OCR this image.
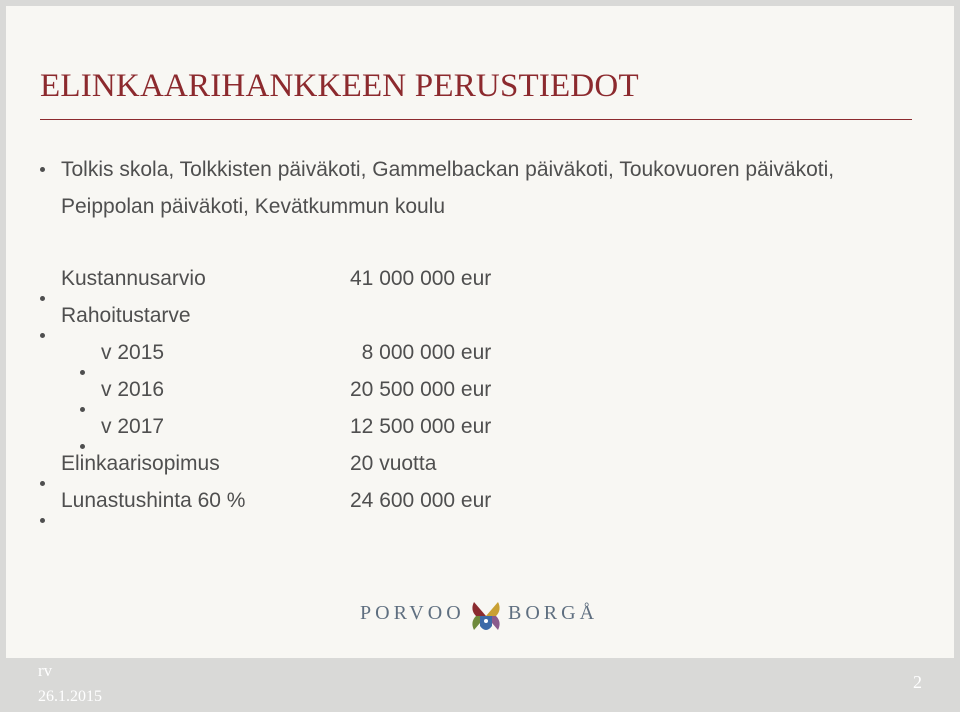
ELINKAARIHANKKEEN PERUSTIEDOT
Tolkis skola, Tolkkisten päiväkoti, Gammelbackan päiväkoti, Toukovuoren päiväkoti, Peippolan päiväkoti, Kevätkummun koulu
Kustannusarvio	41 000 000 eur
Rahoitustarve
v 2015	8 000 000 eur
v 2016	20 500 000 eur
v 2017	12 500 000 eur
Elinkaarisopimus	20 vuotta
Lunastushinta 60 %	24 600 000 eur
PORVOO BORGÅ
rv
26.1.2015
2
